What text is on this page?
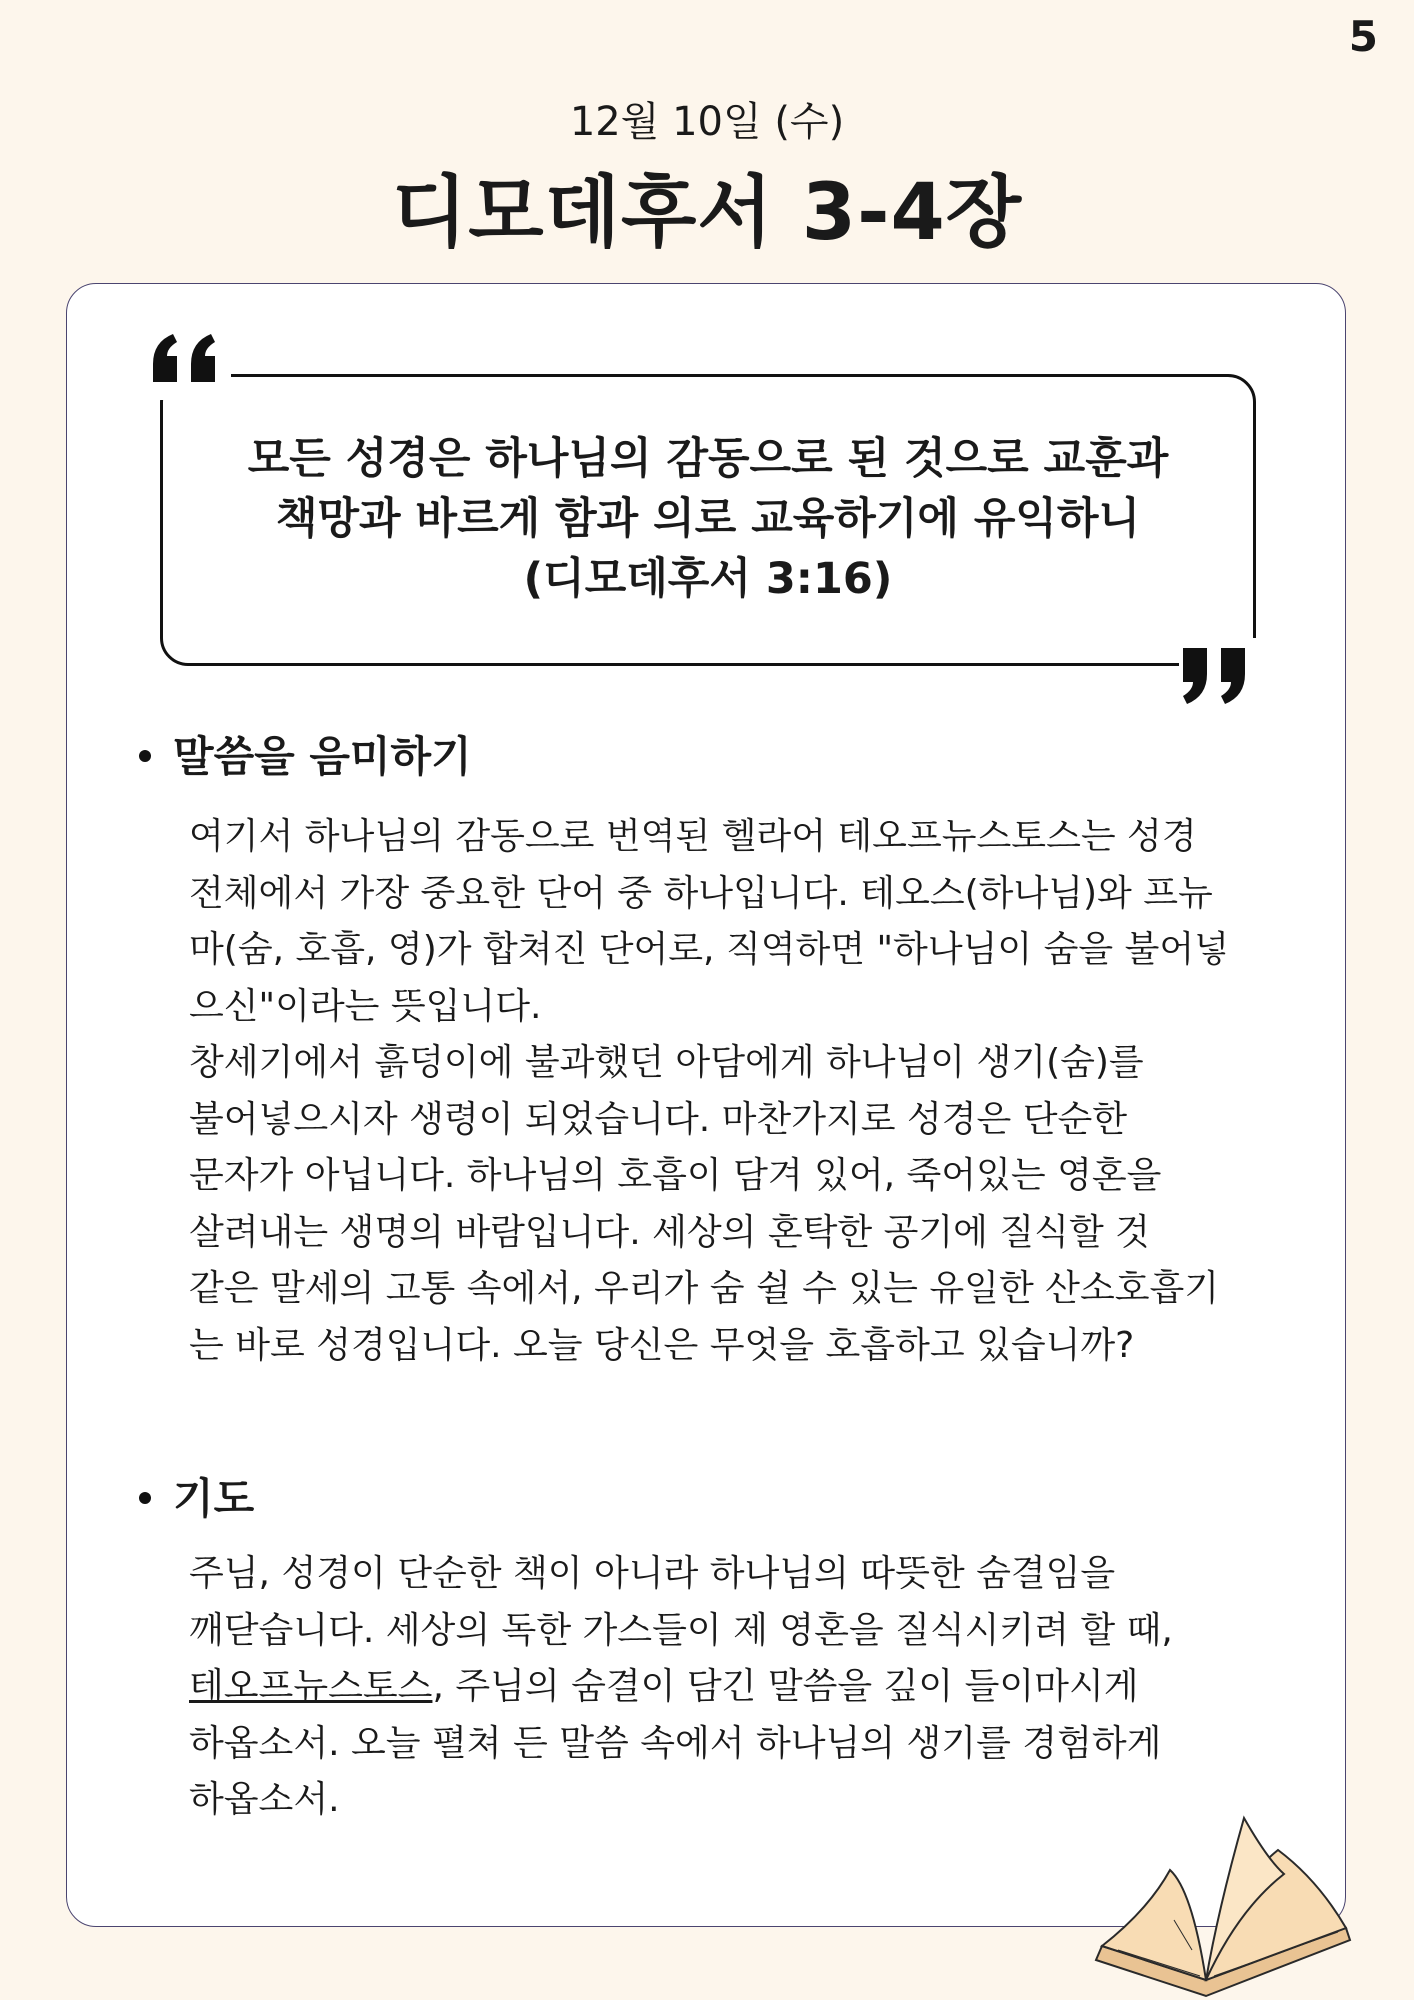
5
12월 10일 (수)
디모데후서 3-4장
모든 성경은 하나님의 감동으로 된 것으로 교훈과
책망과 바르게 함과 의로 교육하기에 유익하니
(디모데후서 3:16)
말씀을 음미하기
여기서 하나님의 감동으로 번역된 헬라어 테오프뉴스토스는 성경
전체에서 가장 중요한 단어 중 하나입니다. 테오스(하나님)와 프뉴
마(숨, 호흡, 영)가 합쳐진 단어로, 직역하면 "하나님이 숨을 불어넣
으신"이라는 뜻입니다.
창세기에서 흙덩이에 불과했던 아담에게 하나님이 생기(숨)를
불어넣으시자 생령이 되었습니다. 마찬가지로 성경은 단순한
문자가 아닙니다. 하나님의 호흡이 담겨 있어, 죽어있는 영혼을
살려내는 생명의 바람입니다. 세상의 혼탁한 공기에 질식할 것
같은 말세의 고통 속에서, 우리가 숨 쉴 수 있는 유일한 산소호흡기
는 바로 성경입니다. 오늘 당신은 무엇을 호흡하고 있습니까?
기도
주님, 성경이 단순한 책이 아니라 하나님의 따뜻한 숨결임을
깨닫습니다. 세상의 독한 가스들이 제 영혼을 질식시키려 할 때,
테오프뉴스토스, 주님의 숨결이 담긴 말씀을 깊이 들이마시게
하옵소서. 오늘 펼쳐 든 말씀 속에서 하나님의 생기를 경험하게
하옵소서.
